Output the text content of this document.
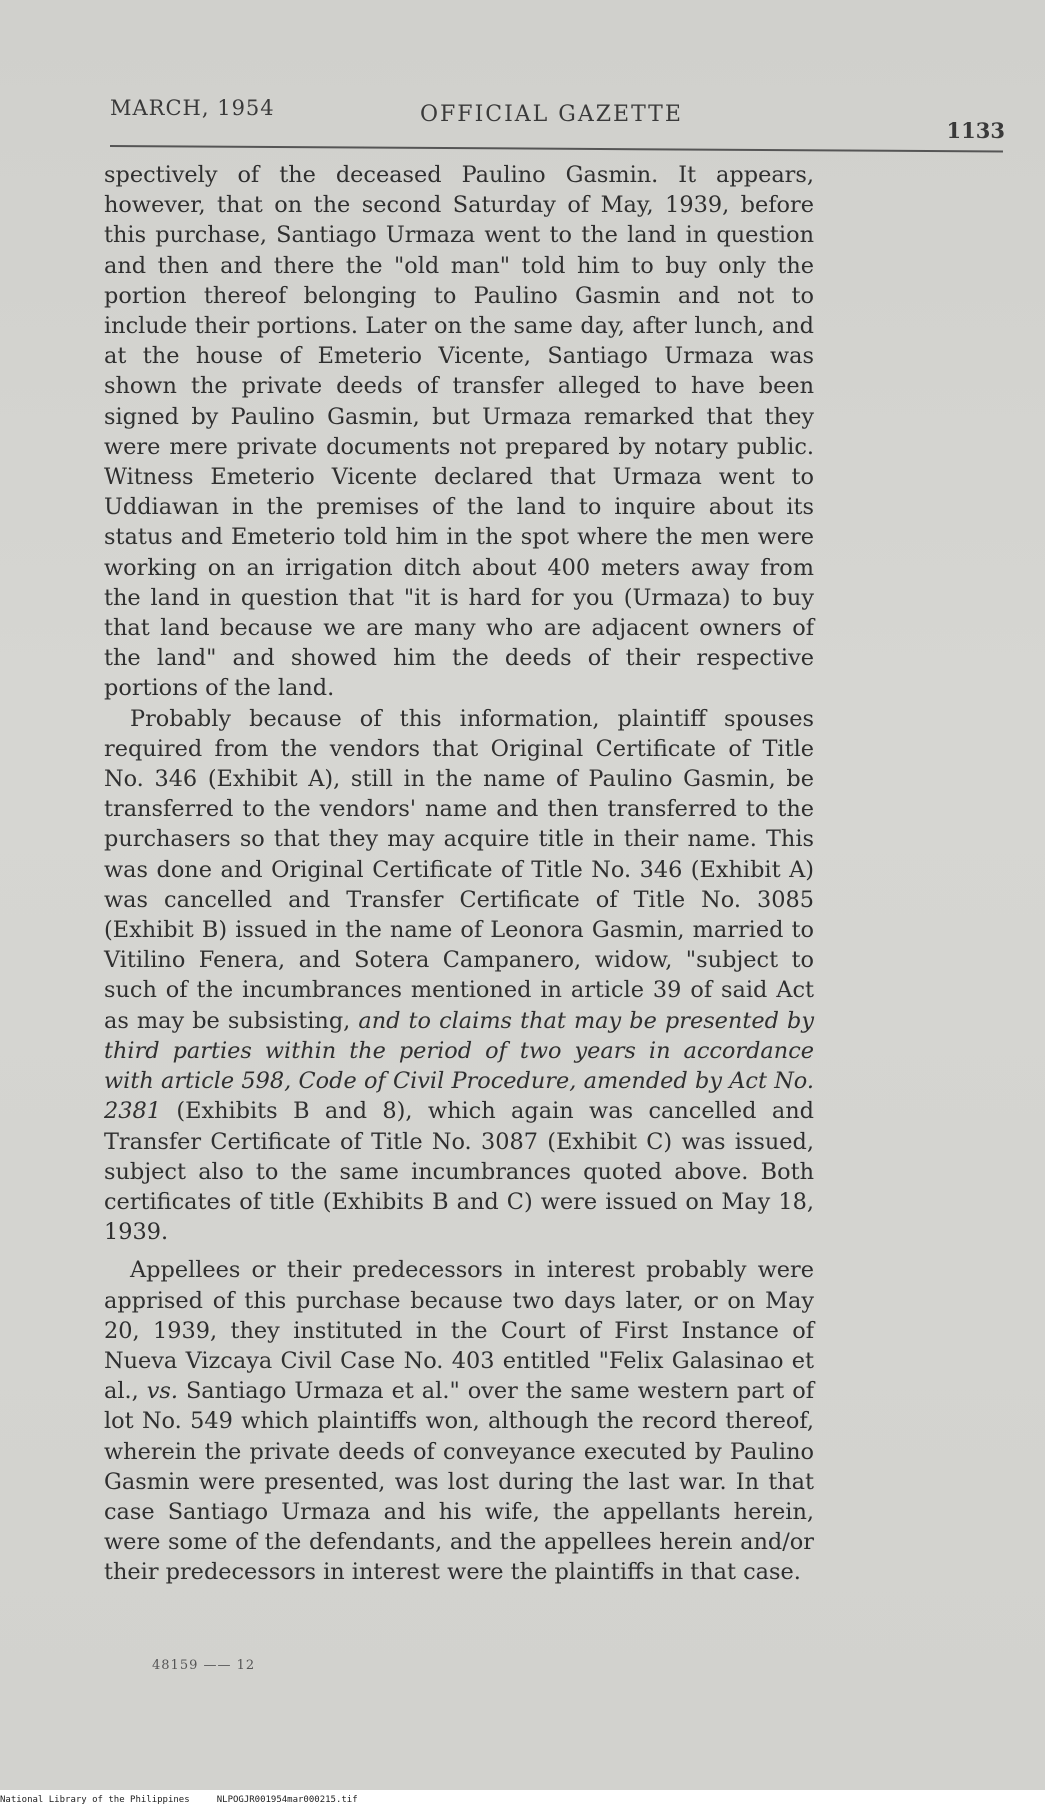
MARCH, 1954	OFFICIAL GAZETTE
1133

spectively of the deceased Paulino Gasmin. It appears, however, that on the second Saturday of May, 1939, before this purchase, Santiago Urmaza went to the land in question and then and there the "old man" told him to buy only the portion thereof belonging to Paulino Gasmin and not to include their portions. Later on the same day, after lunch, and at the house of Emeterio Vicente, Santiago Urmaza was shown the private deeds of transfer alleged to have been signed by Paulino Gasmin, but Urmaza remarked that they were mere private documents not prepared by notary public. Witness Emeterio Vicente declared that Urmaza went to Uddiawan in the premises of the land to inquire about its status and Emeterio told him in the spot where the men were working on an irrigation ditch about 400 meters away from the land in question that "it is hard for you (Urmaza) to buy that land because we are many who are adjacent owners of the land" and showed him the deeds of their respective portions of the land.

Probably because of this information, plaintiff spouses required from the vendors that Original Certificate of Title No. 346 (Exhibit A), still in the name of Paulino Gasmin, be transferred to the vendors' name and then transferred to the purchasers so that they may acquire title in their name. This was done and Original Certificate of Title No. 346 (Exhibit A) was cancelled and Transfer Certificate of Title No. 3085 (Exhibit B) issued in the name of Leonora Gasmin, married to Vitilino Fenera, and Sotera Campanero, widow, "subject to such of the incumbrances mentioned in article 39 of said Act as may be subsisting, and to claims that may be presented by third parties within the period of two years in accordance with article 598, Code of Civil Procedure, amended by Act No. 2381 (Exhibits B and 8), which again was cancelled and Transfer Certificate of Title No. 3087 (Exhibit C) was issued, subject also to the same incumbrances quoted above. Both certificates of title (Exhibits B and C) were issued on May 18, 1939.

Appellees or their predecessors in interest probably were apprised of this purchase because two days later, or on May 20, 1939, they instituted in the Court of First Instance of Nueva Vizcaya Civil Case No. 403 entitled "Felix Galasinao et al., vs. Santiago Urmaza et al." over the same western part of lot No. 549 which plaintiffs won, although the record thereof, wherein the private deeds of conveyance executed by Paulino Gasmin were presented, was lost during the last war. In that case Santiago Urmaza and his wife, the appellants herein, were some of the defendants, and the appellees herein and/or their predecessors in interest were the plaintiffs in that case.

48159 —— 12
National Library of the Philippines     NLPOGJR001954mar000215.tif
